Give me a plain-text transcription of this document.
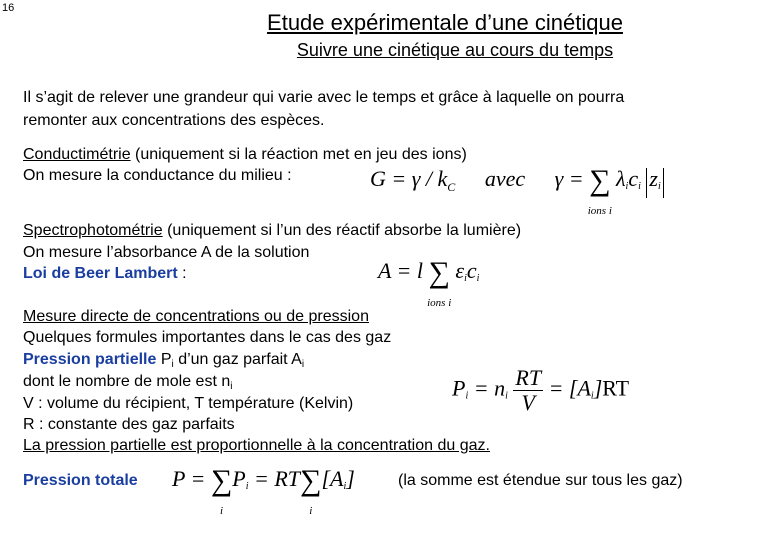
16
Etude expérimentale d’une cinétique
Suivre une cinétique au cours du temps
Il s’agit de relever une grandeur qui varie avec le temps et grâce à laquelle on pourra
remonter aux concentrations des espèces.
Conductimétrie (uniquement si la réaction met en jeu des ions)
On mesure la conductance du milieu :	$G = \gamma / k_C$ avec γ = ∑
ions i
λici zi
Spectrophotométrie (uniquement si l’un des réactif absorbe la lumière)
On mesure l’absorbance A de la solution
Loi de Beer Lambert :	A = l ∑
ions i
εici
Mesure directe de concentrations ou de pression
Quelques formules importantes dans le cas des gaz
Pression partielle Pi d’un gaz parfait Ai
dont le nombre de mole est ni
V : volume du récipient, T température (Kelvin)
R : constante des gaz parfaits
La pression partielle est proportionnelle à la concentration du gaz.
Pi = ni $\frac{RT}{V} = [Ai]RT$
Pression totale P = ∑
i
Pi = RT∑
i
[Ai]	(la somme est étendue sur tous les gaz)
